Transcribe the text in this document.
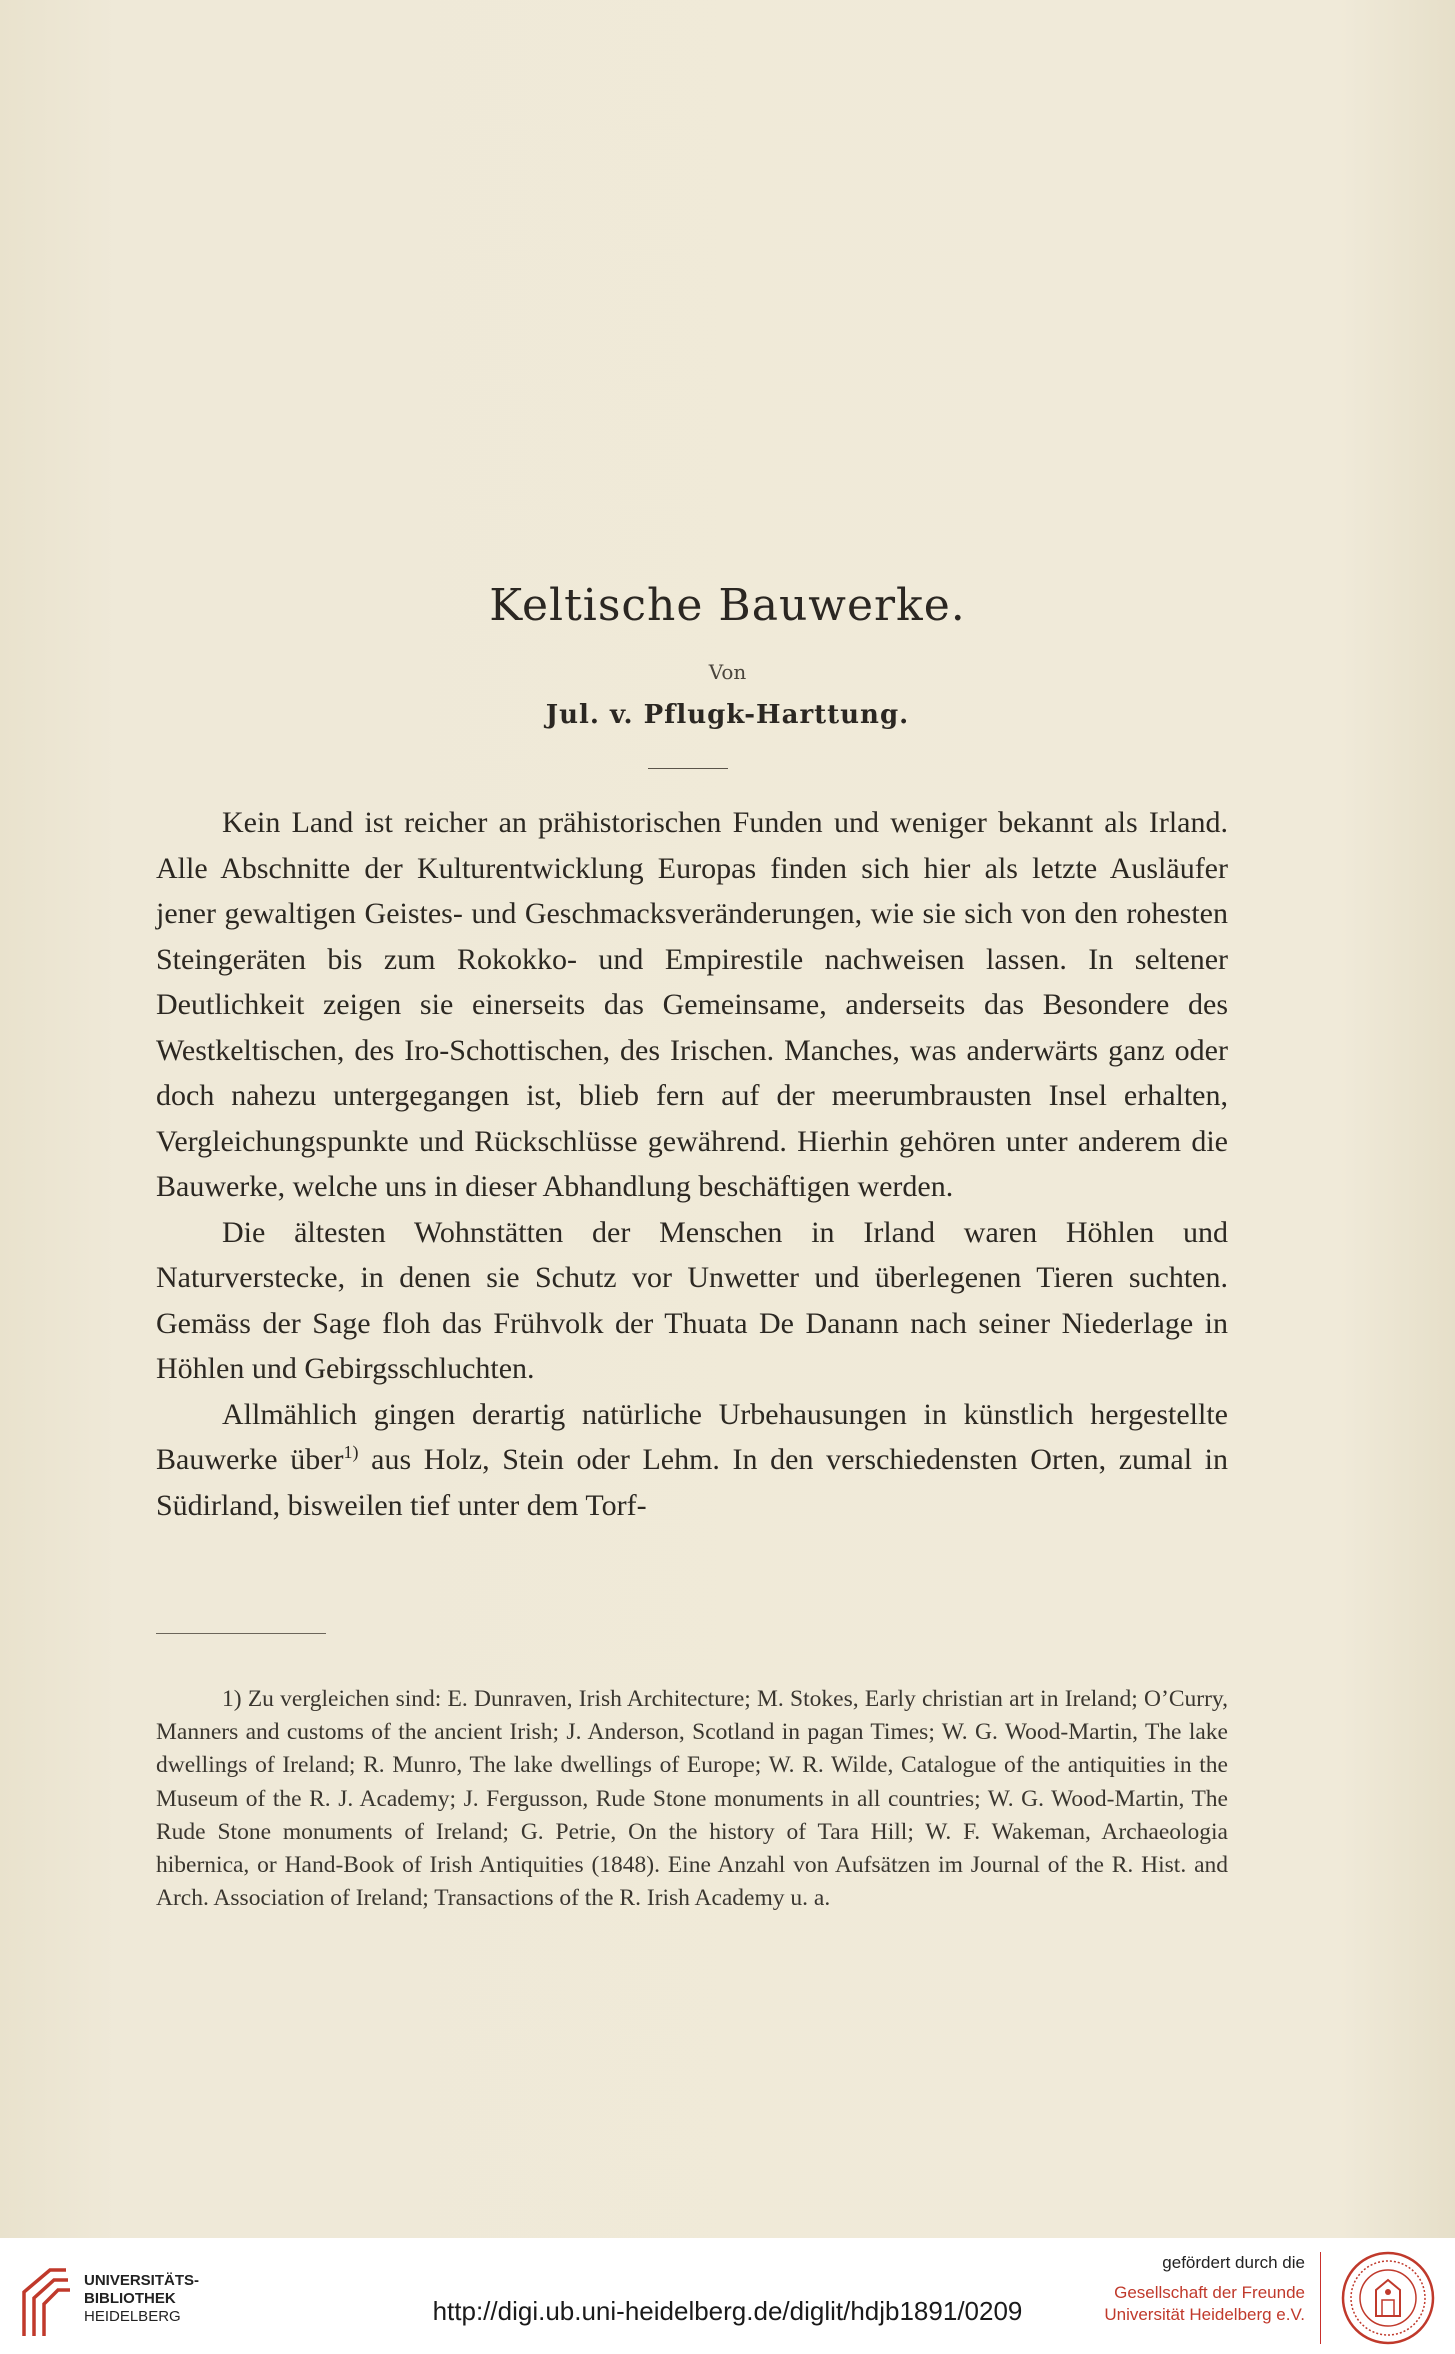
Keltische Bauwerke.
Von
Jul. v. Pflugk-Harttung.

Kein Land ist reicher an prähistorischen Funden und weniger bekannt als Irland. Alle Abschnitte der Kulturentwicklung Europas finden sich hier als letzte Ausläufer jener gewaltigen Geistes- und Geschmacksveränderungen, wie sie sich von den rohesten Steingeräten bis zum Rokokko- und Empirestile nachweisen lassen. In seltener Deutlichkeit zeigen sie einerseits das Gemeinsame, anderseits das Besondere des Westkeltischen, des Iro-Schottischen, des Irischen. Manches, was anderwärts ganz oder doch nahezu untergegangen ist, blieb fern auf der meerumbrausten Insel erhalten, Vergleichungspunkte und Rückschlüsse gewährend. Hierhin gehören unter anderem die Bauwerke, welche uns in dieser Abhandlung beschäftigen werden.

Die ältesten Wohnstätten der Menschen in Irland waren Höhlen und Naturverstecke, in denen sie Schutz vor Unwetter und überlegenen Tieren suchten. Gemäss der Sage floh das Frühvolk der Thuata De Danann nach seiner Niederlage in Höhlen und Gebirgsschluchten.

Allmählich gingen derartig natürliche Urbehausungen in künstlich hergestellte Bauwerke über$^{1)}$ aus Holz, Stein oder Lehm. In den verschiedensten Orten, zumal in Südirland, bisweilen tief unter dem Torf-

1) Zu vergleichen sind: E. Dunraven, Irish Architecture; M. Stokes, Early christian art in Ireland; O’Curry, Manners and customs of the ancient Irish; J. Anderson, Scotland in pagan Times; W. G. Wood-Martin, The lake dwellings of Ireland; R. Munro, The lake dwellings of Europe; W. R. Wilde, Catalogue of the antiquities in the Museum of the R. J. Academy; J. Fergusson, Rude Stone monuments in all countries; W. G. Wood-Martin, The Rude Stone monuments of Ireland; G. Petrie, On the history of Tara Hill; W. F. Wakeman, Archaeologia hibernica, or Hand-Book of Irish Antiquities (1848). Eine Anzahl von Aufsätzen im Journal of the R. Hist. and Arch. Association of Ireland; Transactions of the R. Irish Academy u. a.
UNIVERSITÄTS-
BIBLIOTHEK
HEIDELBERG	http://digi.ub.uni-heidelberg.de/diglit/hdjb1891/0209
gefördert durch die
Gesellschaft der Freunde
Universität Heidelberg e.V.
